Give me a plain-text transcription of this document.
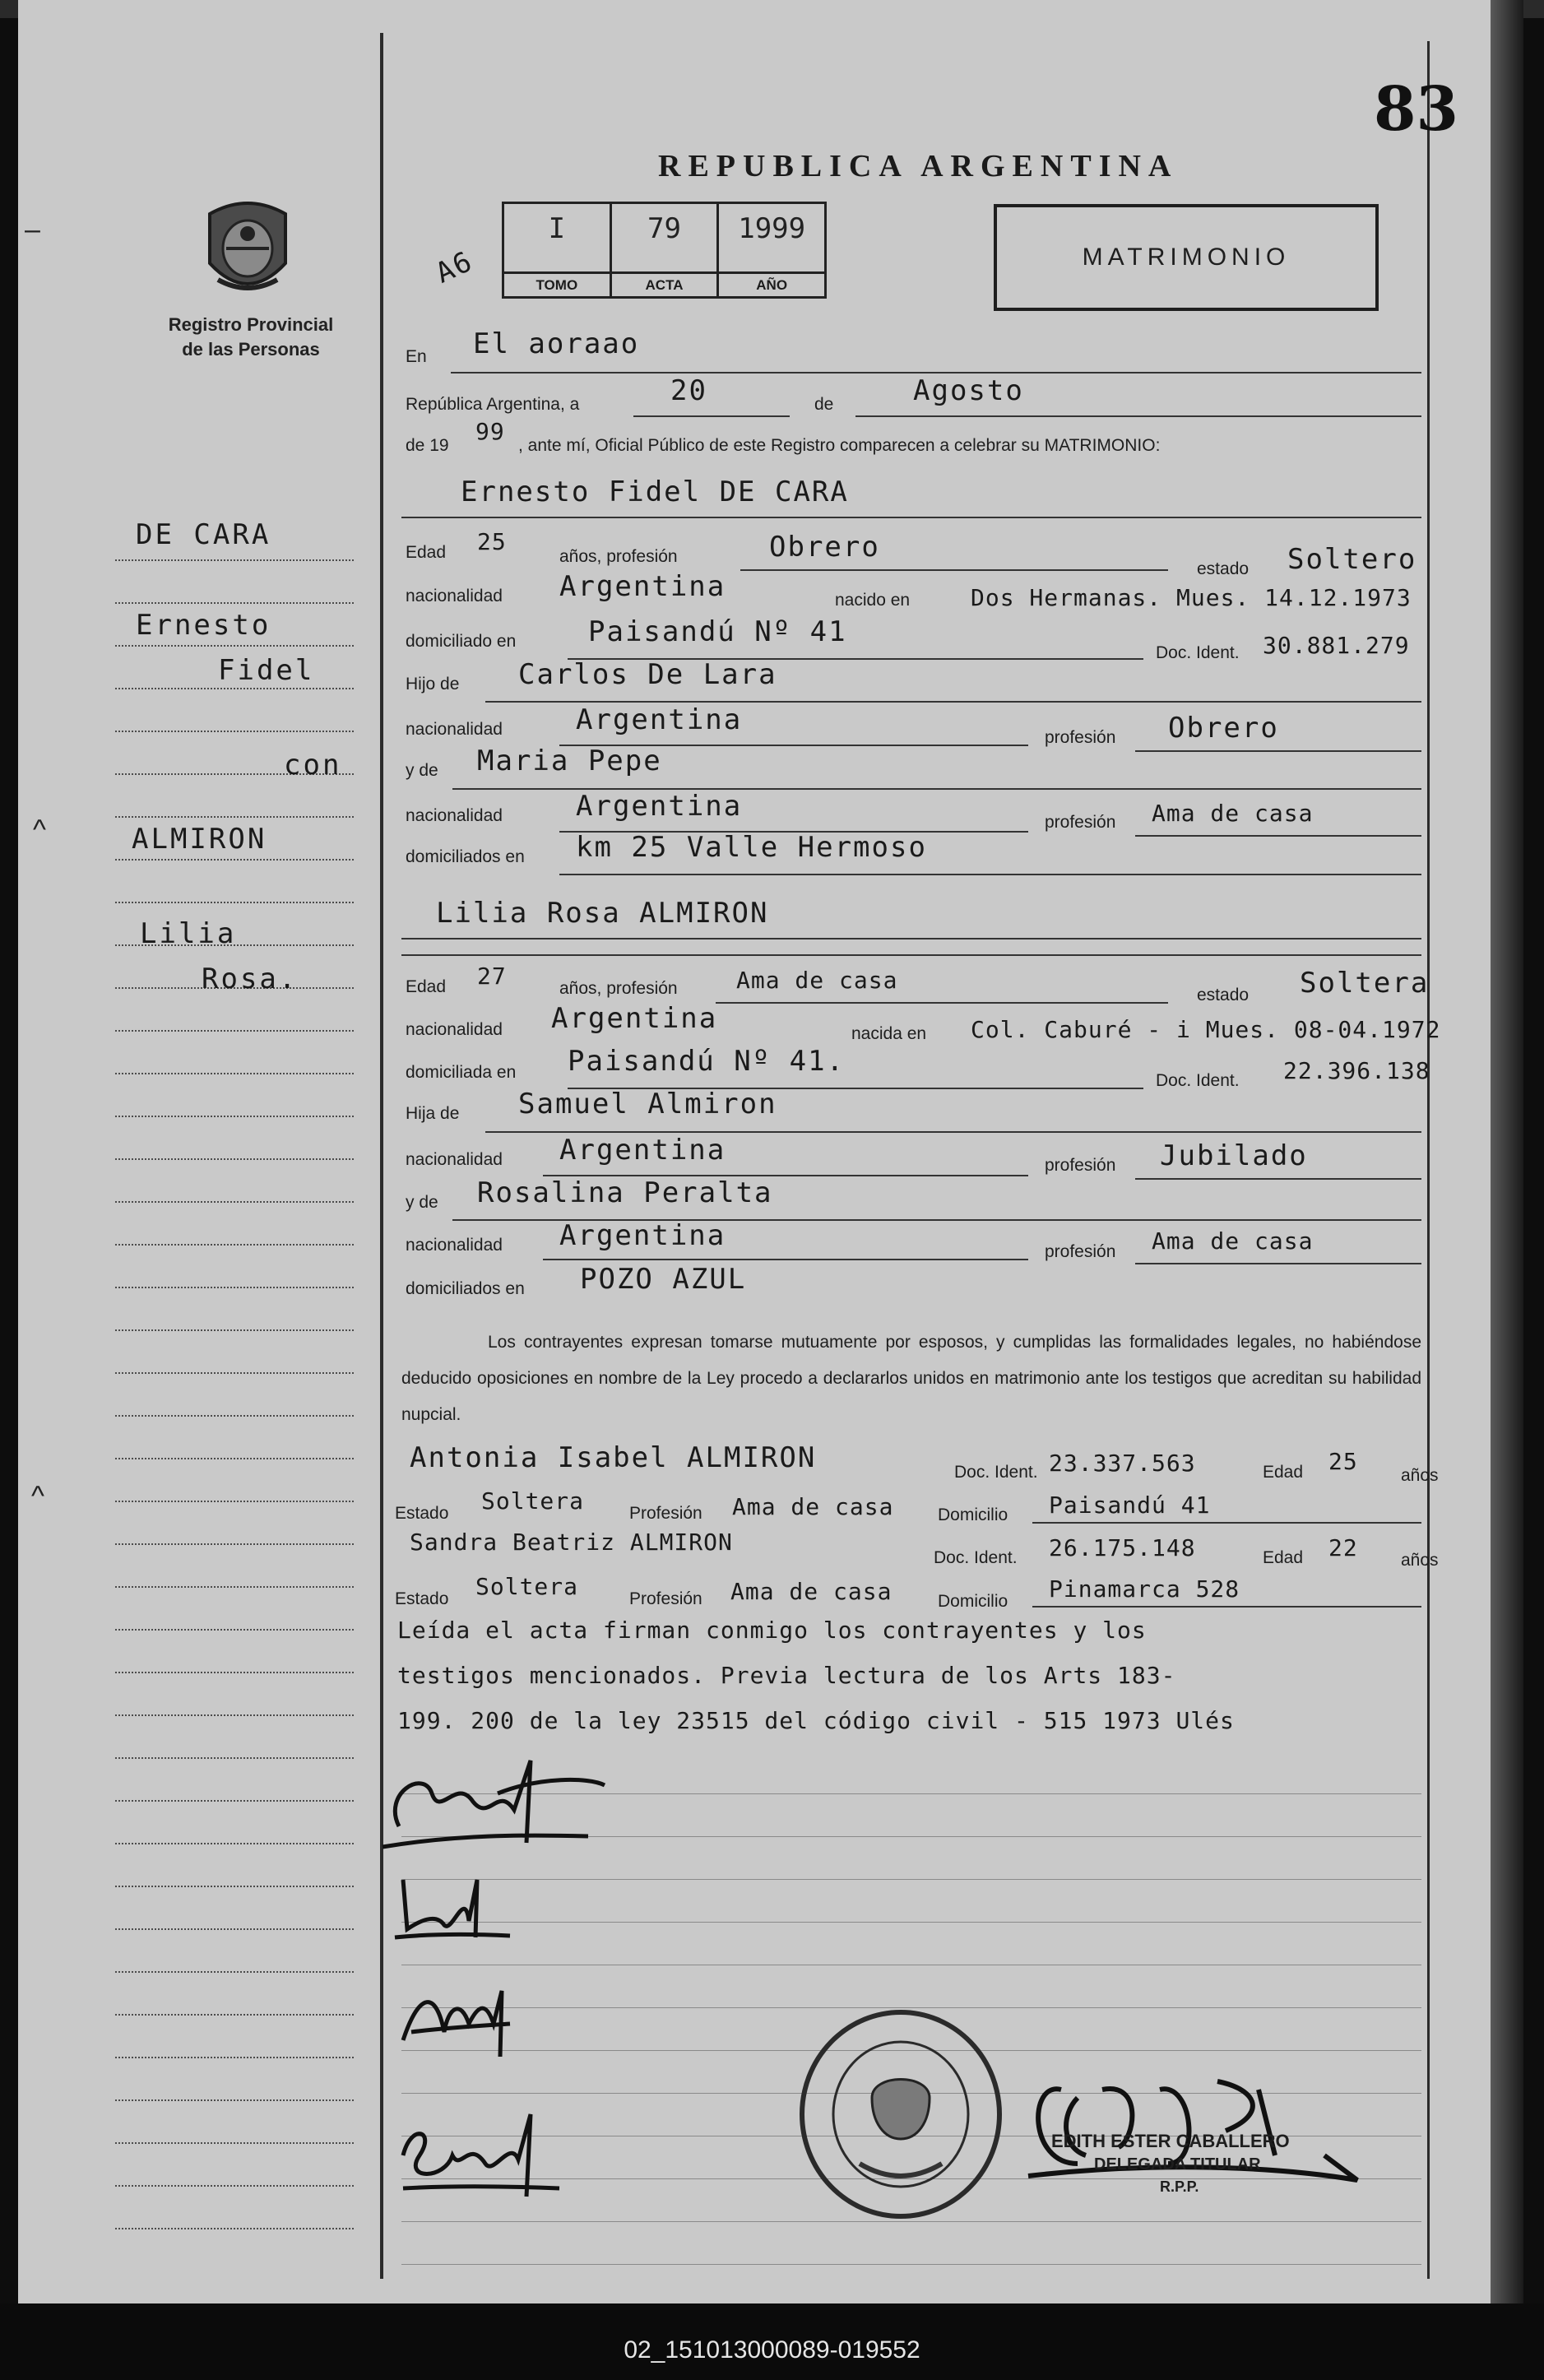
–
^
^
83
Registro Provincial
de las Personas
REPUBLICA ARGENTINA
A6
I
TOMO
79
ACTA
1999
AÑO
MATRIMONIO
En El aoraao
República Argentina, a	20	de	Agosto
de 19
99
, ante mí, Oficial Público de este Registro comparecen a celebrar su MATRIMONIO:
Ernesto Fidel DE CARA
Edad 25
años, profesión	Obrero
estado Soltero
nacionalidad Argentina	nacido en	Dos Hermanas. Mues. 14.12.1973
domiciliado en	Paisandú Nº 41
Doc. Ident. 30.881.279
Hijo de Carlos De Lara
nacionalidad	Argentina
profesión Obrero
y de Maria Pepe
nacionalidad	Argentina	profesión Ama de casa
domiciliados en km 25 Valle Hermoso
Lilia Rosa ALMIRON
Edad 27	años, profesión	Ama de casa
estado Soltera
nacionalidad Argentina	nacida en Col. Caburé - i Mues. 08-04.1972
domiciliada en Paisandú Nº 41.
Doc. Ident. 22.396.138
Hija de Samuel Almiron
nacionalidad Argentina	profesión Jubilado
y de Rosalina Peralta
nacionalidad Argentina	profesión Ama de casa
domiciliados en POZO AZUL
Los contrayentes expresan tomarse mutuamente por esposos, y cumplidas las formalidades legales, no habiéndose deducido oposiciones en nombre de la Ley procedo a declararlos unidos en matrimonio ante los testigos que acreditan su habilidad nupcial.
Antonia Isabel ALMIRON	Doc. Ident. 23.337.563	Edad 25
años
Estado Soltera	Profesión Ama de casa	Domicilio Paisandú 41
Sandra Beatriz ALMIRON
Doc. Ident. 26.175.148	Edad 22 años
Estado Soltera	Profesión Ama de casa	Domicilio Pinamarca 528
Leída el acta firman conmigo los contrayentes y los
testigos mencionados. Previa lectura de los Arts 183-
199. 200 de la ley 23515 del código civil - 515 1973 Ulés
DE CARA
Ernesto
Fidel
con
ALMIRON
Lilia
Rosa.
EDITH ESTER CABALLERO
DELEGADA TITULAR
R.P.P.
02_151013000089-019552
